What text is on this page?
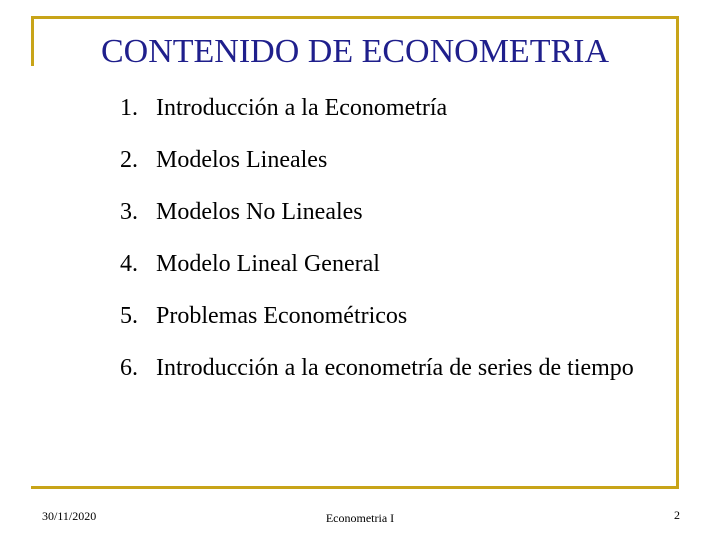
CONTENIDO DE ECONOMETRIA
1. Introducción a la Econometría
2. Modelos Lineales
3. Modelos No Lineales
4. Modelo Lineal General
5. Problemas Econométricos
6. Introducción a la econometría de series de tiempo
30/11/2020	Econometria I	2
